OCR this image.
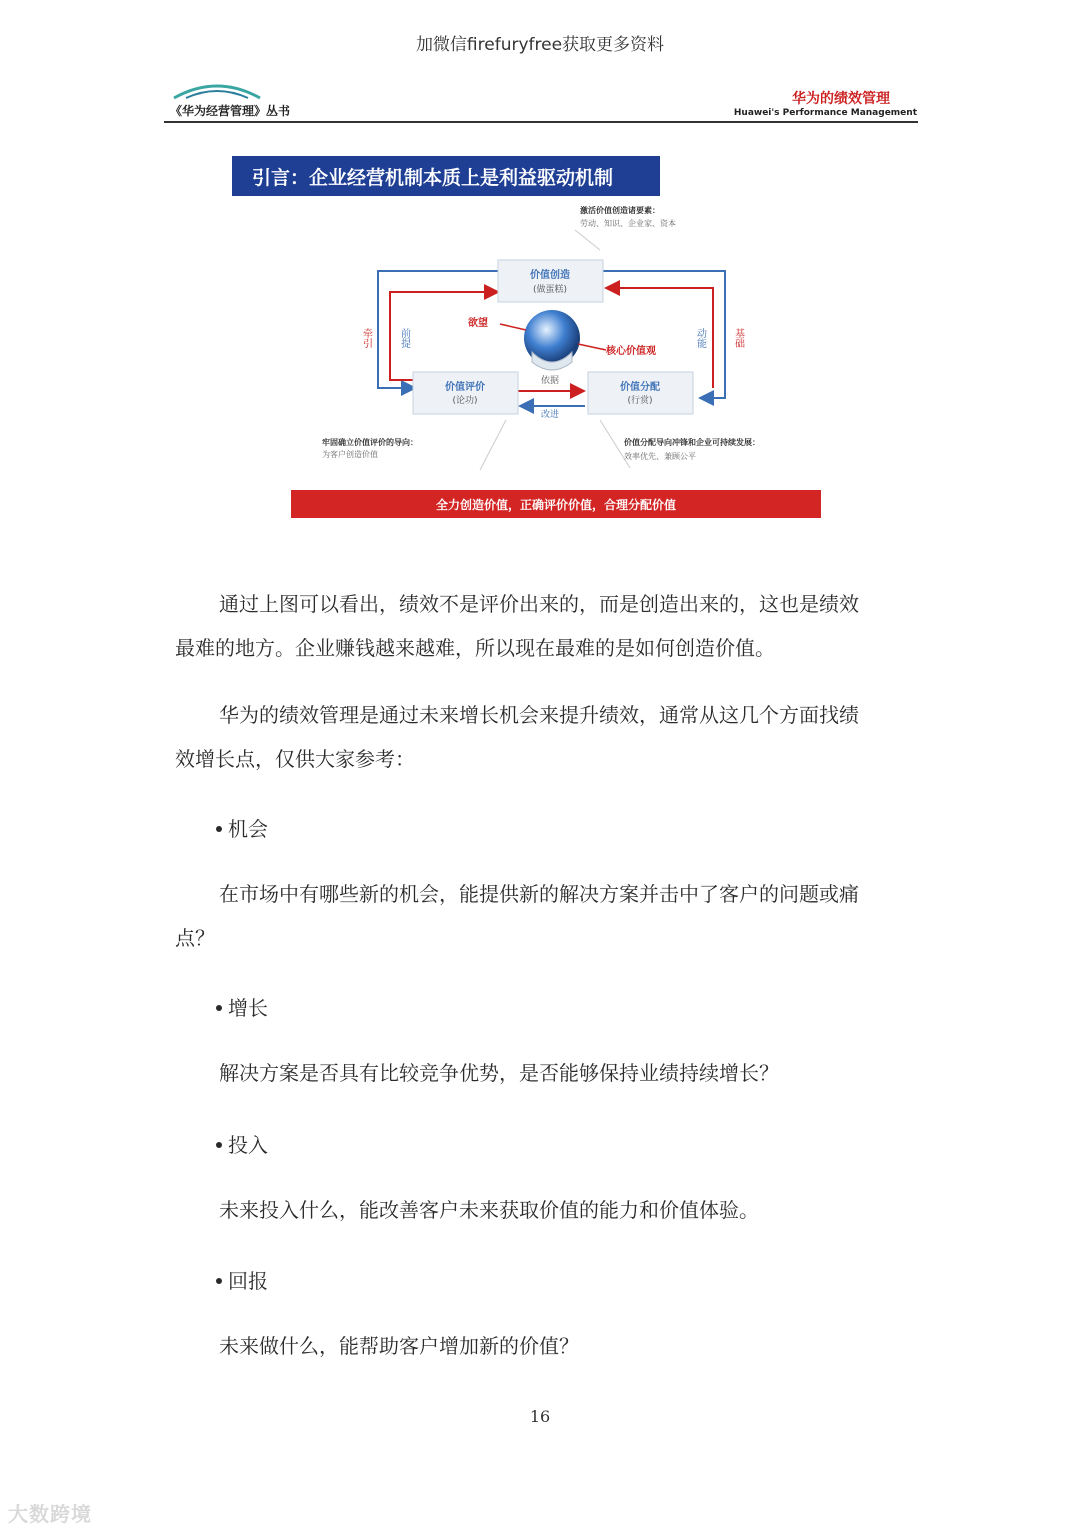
加微信firefuryfree获取更多资料
《华为经营管理》丛书
华为的绩效管理
Huawei's Performance Management
引言：企业经营机制本质上是利益驱动机制
激活价值创造诸要素：
劳动、知识、企业家、资本
价值创造
(做蛋糕)
价值评价
(论功)
价值分配
(行赏)
牵引	前提	动能	基础
欲望
核心价值观
依据
改进
牢固确立价值评价的导向：
为客户创造价值
价值分配导向冲锋和企业可持续发展：
效率优先、兼顾公平
全力创造价值，正确评价价值，合理分配价值
通过上图可以看出，绩效不是评价出来的，而是创造出来的，这也是绩效
最难的地方。企业赚钱越来越难，所以现在最难的是如何创造价值。
华为的绩效管理是通过未来增长机会来提升绩效，通常从这几个方面找绩
效增长点，仅供大家参考：
机会
在市场中有哪些新的机会，能提供新的解决方案并击中了客户的问题或痛
点？
增长
解决方案是否具有比较竞争优势，是否能够保持业绩持续增长？
投入
未来投入什么，能改善客户未来获取价值的能力和价值体验。
回报
未来做什么，能帮助客户增加新的价值？
16
大数跨境
